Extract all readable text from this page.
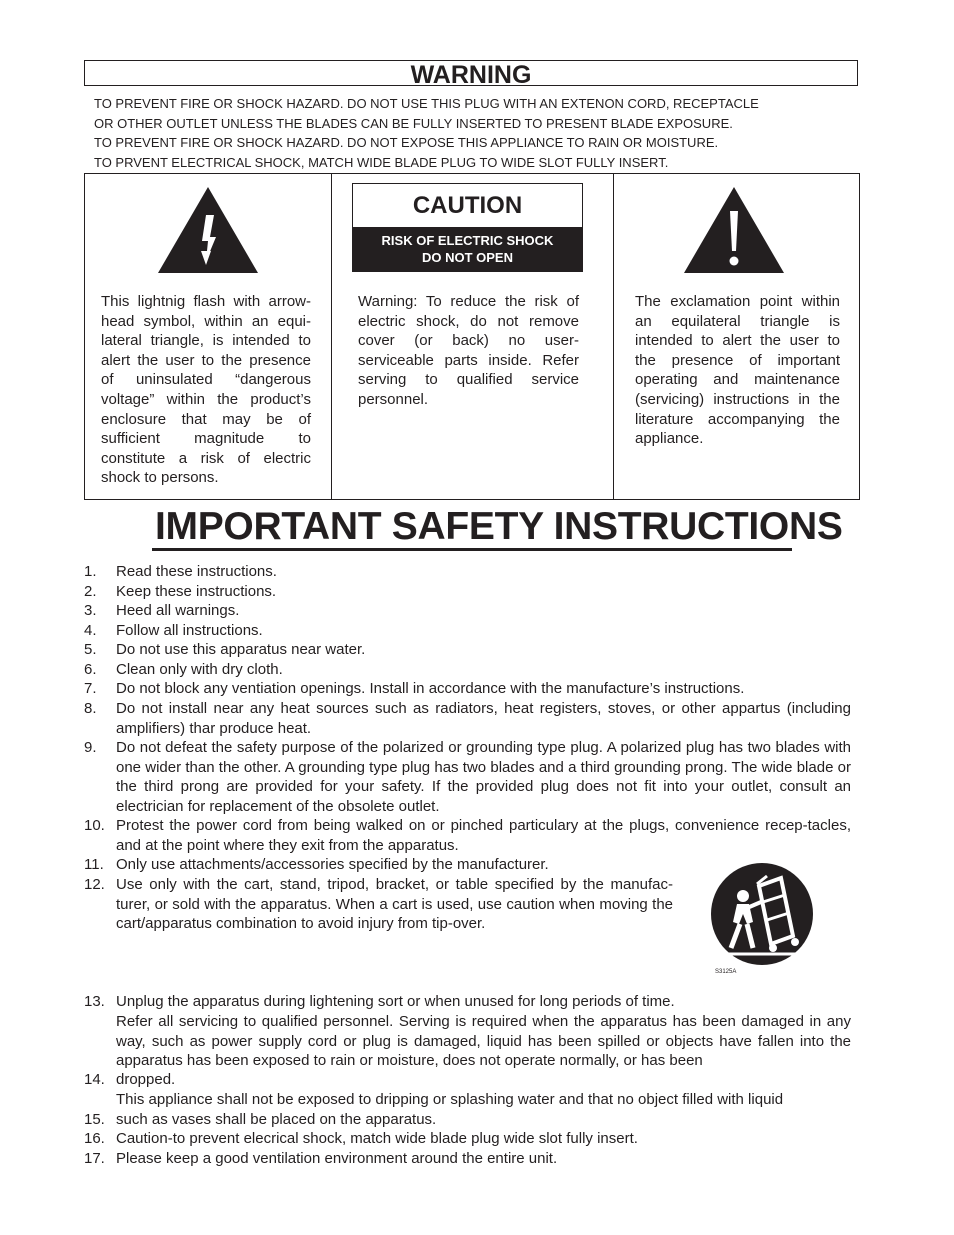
WARNING
TO PREVENT FIRE OR SHOCK HAZARD. DO NOT USE THIS PLUG WITH AN EXTENON CORD, RECEPTACLE
OR OTHER OUTLET UNLESS THE BLADES CAN BE FULLY INSERTED TO PRESENT BLADE EXPOSURE.
TO PREVENT FIRE OR SHOCK HAZARD. DO NOT EXPOSE THIS APPLIANCE TO RAIN OR MOISTURE.
TO PRVENT ELECTRICAL SHOCK, MATCH WIDE BLADE PLUG TO WIDE SLOT FULLY INSERT.
This lightnig flash with arrow-head symbol, within an equi-lateral triangle, is intended to alert the user to the presence of uninsulated “dangerous voltage” within the product’s enclosure that may be of sufficient magnitude to constitute a risk of electric shock to persons.
CAUTION
RISK OF ELECTRIC SHOCK
DO NOT OPEN
Warning: To reduce the risk of electric shock, do not remove cover (or back) no user-serviceable parts inside. Refer serving to qualified service personnel.
The exclamation point within an equilateral triangle is intended to alert the user to the presence of important operating and maintenance (servicing) instructions in the literature accompanying the appliance.
IMPORTANT SAFETY INSTRUCTIONS
1.	Read these instructions.
2.	Keep these instructions.
3.	Heed all warnings.
4.	Follow all instructions.
5.	Do not use this apparatus near water.
6.	Clean only with dry cloth.
7.	Do not block any ventiation openings. Install in accordance with the manufacture’s instructions.
8.	Do not install near any heat sources such as radiators, heat registers, stoves, or other appartus (including amplifiers) thar produce heat.
9.	Do not defeat the safety purpose of the polarized or grounding type plug. A polarized plug has two blades with one wider than the other. A grounding type plug has two blades and a third grounding prong. The wide blade or the third prong are provided for your safety. If the provided plug does not fit into your outlet, consult an electrician for replacement of the obsolete outlet.
10. Protest the power cord from being walked on or pinched particulary at the plugs, convenience recep-tacles, and at the point where they exit from the apparatus.
11. Only use attachments/accessories specified by the manufacturer.
12. Use only with the cart, stand, tripod, bracket, or table specified by the manufac-turer, or sold with the apparatus. When a cart is used, use caution when moving the cart/apparatus combination to avoid injury from tip-over.
13. Unplug the apparatus during lightening sort or when unused for long periods of time.
Refer all servicing to qualified personnel. Serving is required when the apparatus has been damaged in any way, such as power supply cord or plug is damaged, liquid has been spilled or objects have fallen into the apparatus has been exposed to rain or moisture, does not operate normally, or has been
14. dropped.
This appliance shall not be exposed to dripping or splashing water and that no object filled with liquid
15. such as vases shall be placed on the apparatus.
16. Caution-to prevent elecrical shock, match wide blade plug wide slot fully insert.
17. Please keep a good ventilation environment around the entire unit.
S3125A
